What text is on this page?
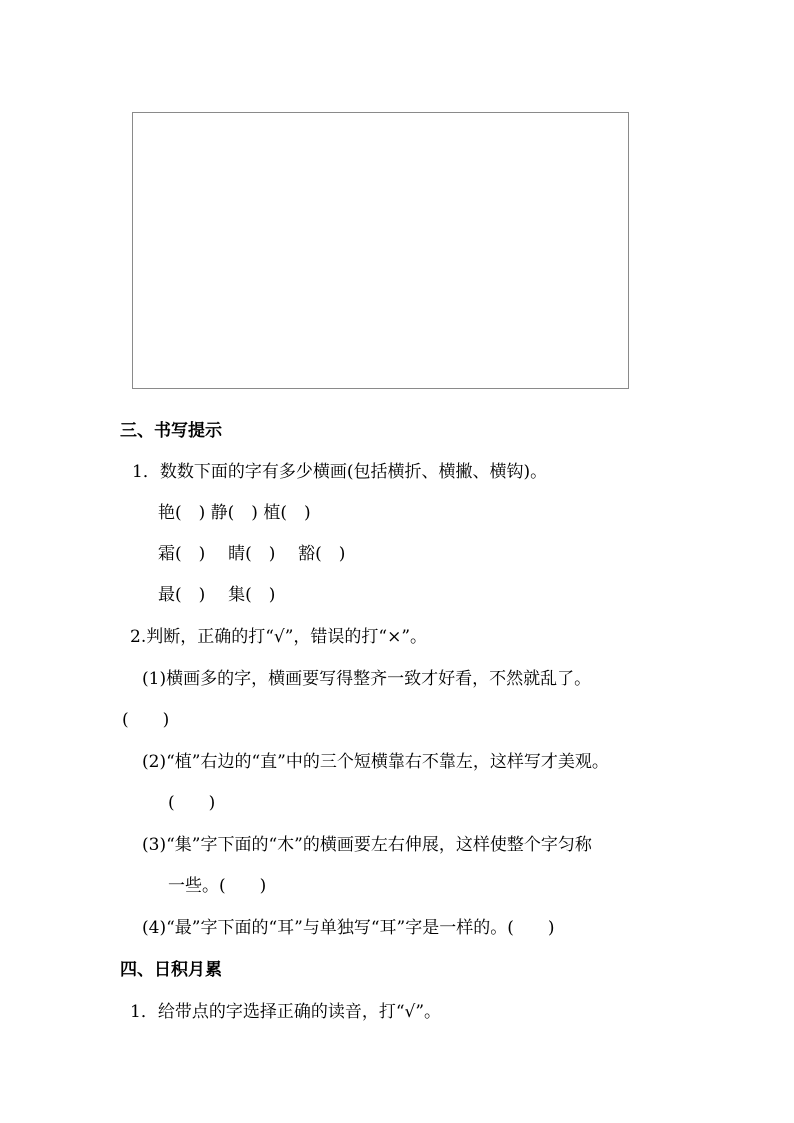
三、书写提示
1．数数下面的字有多少横画(包括横折、横撇、横钩)。
艳(　) 静(　) 植(　)
霜(　) 睛(　) 豁(　)
最(　) 集(　)
2.判断，正确的打“√”，错误的打“×”。
(1)横画多的字，横画要写得整齐一致才好看，不然就乱了。
(　　)
(2)“植”右边的“直”中的三个短横靠右不靠左，这样写才美观。
(　　)
(3)“集”字下面的“木”的横画要左右伸展，这样使整个字匀称
一些。(　　)
(4)“最”字下面的“耳”与单独写“耳”字是一样的。(　　)
四、日积月累
1．给带点的字选择正确的读音，打“√”。
